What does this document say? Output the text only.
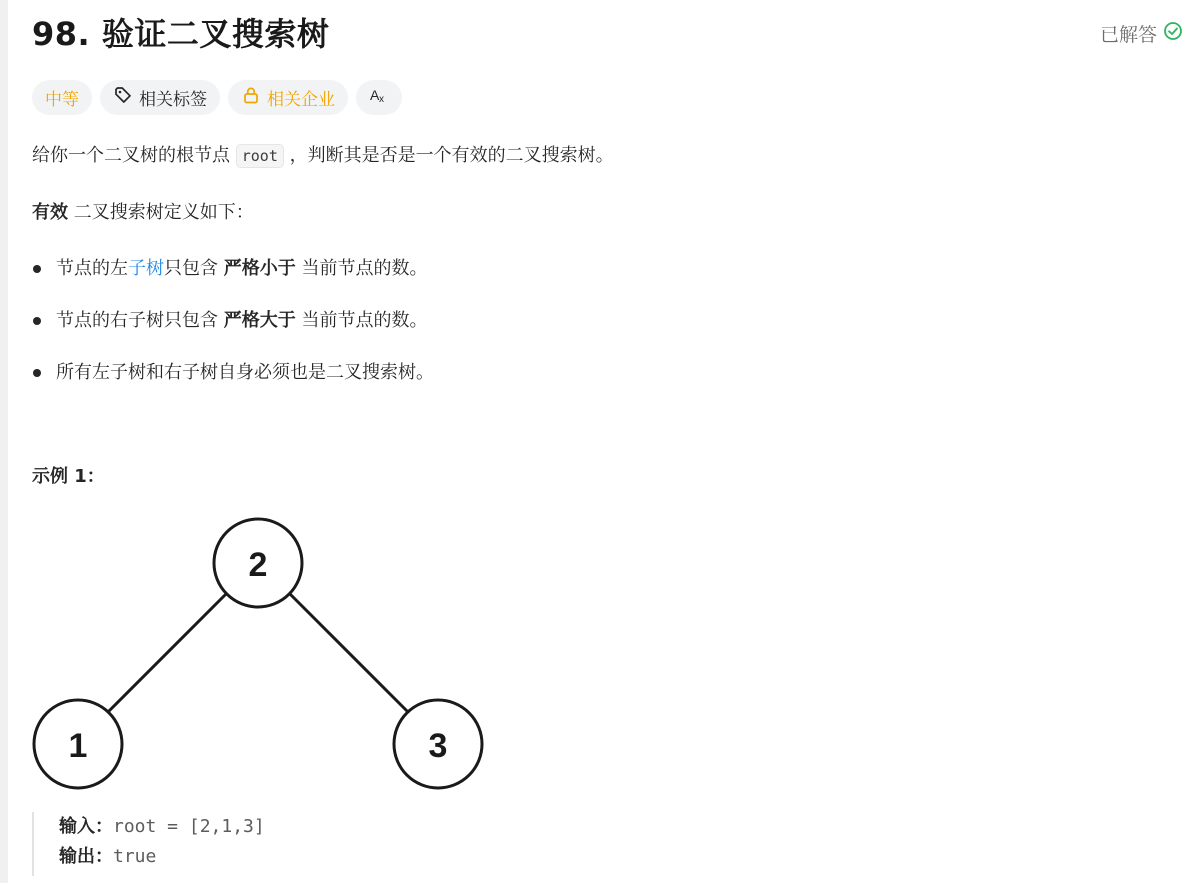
98. 验证二叉搜索树	已解答
中等	相关标签	相关企业	A x
给你一个二叉树的根节点 root ，判断其是否是一个有效的二叉搜索树。
有效 二叉搜索树定义如下：
节点的左子树只包含 严格小于 当前节点的数。
节点的右子树只包含 严格大于 当前节点的数。
所有左子树和右子树自身必须也是二叉搜索树。
示例 1：
2
1	3
输入：root = [2,1,3]
输出：true
